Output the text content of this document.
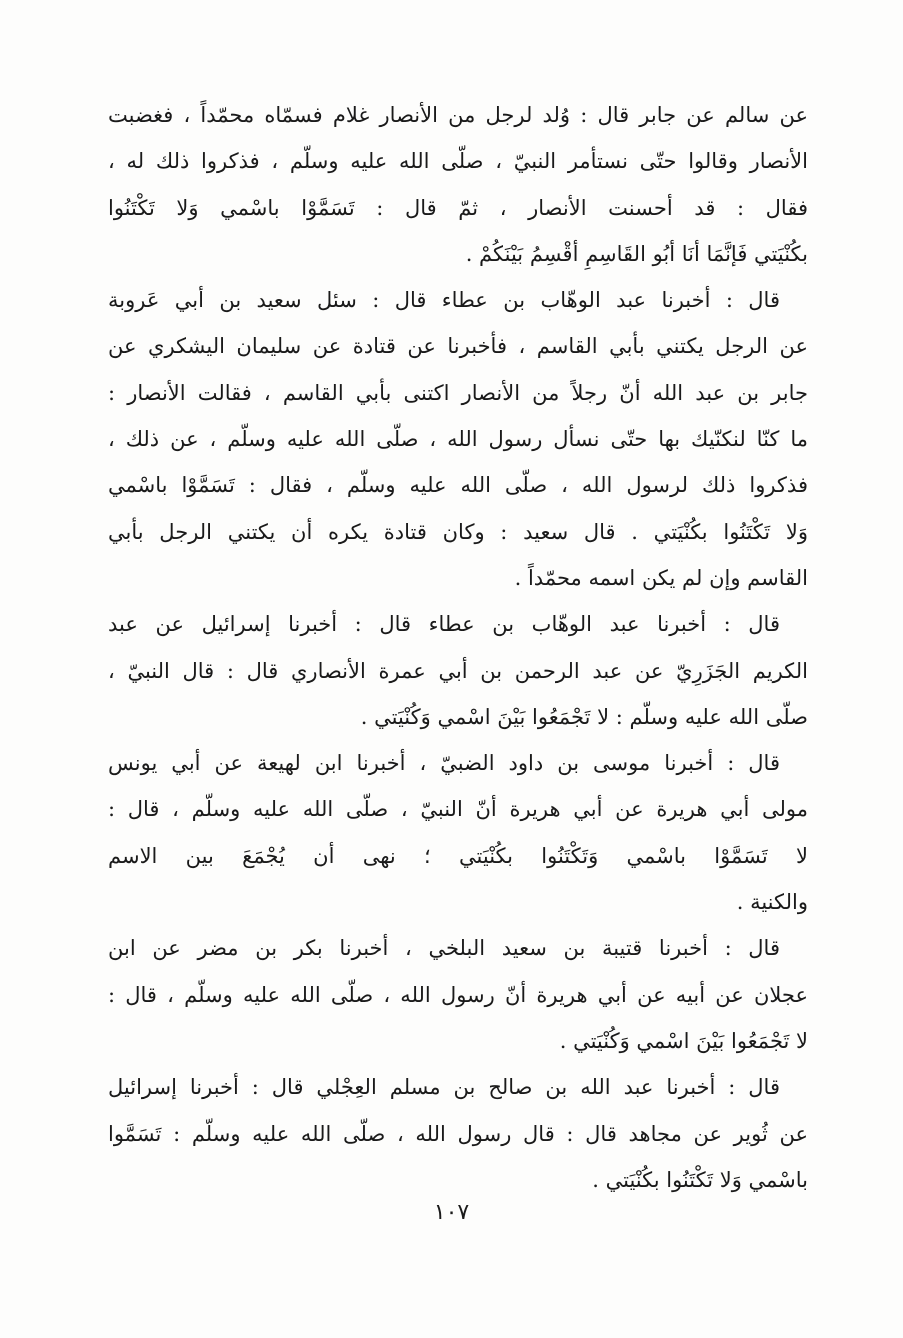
عن سالم عن جابر قال : وُلد لرجل من الأنصار غلام فسمّاه محمّداً ، فغضبت
الأنصار وقالوا حتّى نستأمر النبيّ ، صلّى الله عليه وسلّم ، فذكروا ذلك له ،
فقال : قد أحسنت الأنصار ، ثمّ قال : تَسَمَّوْا باسْمي وَلا تَكْتَنُوا
بكُنْيَتي فَإنَّمَا أنَا أبُو القَاسِمِ أقْسِمُ بَيْنَكُمْ .
قال : أخبرنا عبد الوهّاب بن عطاء قال : سئل سعيد بن أبي عَروبة
عن الرجل يكتني بأبي القاسم ، فأخبرنا عن قتادة عن سليمان اليشكري عن
جابر بن عبد الله أنّ رجلاً من الأنصار اكتنى بأبي القاسم ، فقالت الأنصار :
ما كنّا لنكنّيك بها حتّى نسأل رسول الله ، صلّى الله عليه وسلّم ، عن ذلك ،
فذكروا ذلك لرسول الله ، صلّى الله عليه وسلّم ، فقال : تَسَمَّوْا باسْمي
وَلا تَكْتَنُوا بكُنْيَتي . قال سعيد : وكان قتادة يكره أن يكتني الرجل بأبي
القاسم وإن لم يكن اسمه محمّداً .
قال : أخبرنا عبد الوهّاب بن عطاء قال : أخبرنا إسرائيل عن عبد
الكريم الجَزَرِيّ عن عبد الرحمن بن أبي عمرة الأنصاري قال : قال النبيّ ،
صلّى الله عليه وسلّم : لا تَجْمَعُوا بَيْنَ اسْمي وَكُنْيَتي .
قال : أخبرنا موسى بن داود الضبيّ ، أخبرنا ابن لهيعة عن أبي يونس
مولى أبي هريرة عن أبي هريرة أنّ النبيّ ، صلّى الله عليه وسلّم ، قال :
لا تَسَمَّوْا باسْمي وَتَكْتَنُوا بكُنْيَتي ؛ نهى أن يُجْمَعَ بين الاسم
والكنية .
قال : أخبرنا قتيبة بن سعيد البلخي ، أخبرنا بكر بن مضر عن ابن
عجلان عن أبيه عن أبي هريرة أنّ رسول الله ، صلّى الله عليه وسلّم ، قال :
لا تَجْمَعُوا بَيْنَ اسْمي وَكُنْيَتي .
قال : أخبرنا عبد الله بن صالح بن مسلم العِجْلي قال : أخبرنا إسرائيل
عن ثُوير عن مجاهد قال : قال رسول الله ، صلّى الله عليه وسلّم : تَسَمَّوا
باسْمي وَلا تَكْتَنُوا بكُنْيَتي .
١٠٧
